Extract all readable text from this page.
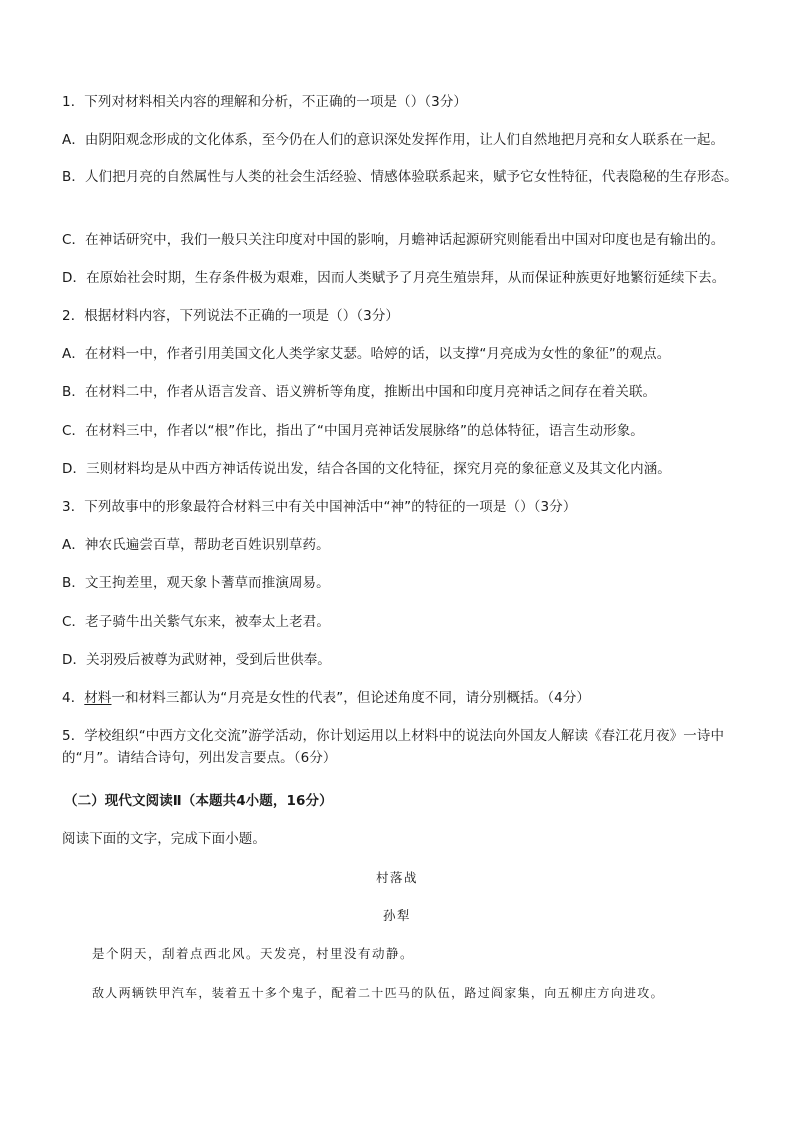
1．下列对材料相关内容的理解和分析，不正确的一项是（）（3分）
A．由阴阳观念形成的文化体系，至今仍在人们的意识深处发挥作用，让人们自然地把月亮和女人联系在一起。
B．人们把月亮的自然属性与人类的社会生活经验、情感体验联系起来，赋予它女性特征，代表隐秘的生存形态。
C．在神话研究中，我们一般只关注印度对中国的影响，月蟾神话起源研究则能看出中国对印度也是有输出的。
D．在原始社会时期，生存条件极为艰难，因而人类赋予了月亮生殖崇拜，从而保证种族更好地繁衍延续下去。
2．根据材料内容，下列说法不正确的一项是（）（3分）
A．在材料一中，作者引用美国文化人类学家艾瑟。哈婷的话，以支撑“月亮成为女性的象征”的观点。
B．在材料二中，作者从语言发音、语义辨析等角度，推断出中国和印度月亮神话之间存在着关联。
C．在材料三中，作者以“根”作比，指出了“中国月亮神话发展脉络”的总体特征，语言生动形象。
D．三则材料均是从中西方神话传说出发，结合各国的文化特征，探究月亮的象征意义及其文化内涵。
3．下列故事中的形象最符合材料三中有关中国神活中“神”的特征的一项是（）（3分）
A．神农氏遍尝百草，帮助老百姓识别草药。
B．文王拘差里，观天象卜蓍草而推演周易。
C．老子骑牛出关紫气东来，被奉太上老君。
D．关羽殁后被尊为武财神，受到后世供奉。
4．材料一和材料三都认为“月亮是女性的代表”，但论述角度不同，请分别概括。（4分）
5．学校组织“中西方文化交流”游学活动，你计划运用以上材料中的说法向外国友人解读《春江花月夜》一诗中的“月”。请结合诗句，列出发言要点。（6分）
（二）现代文阅读Ⅱ（本题共4小题，16分）
阅读下面的文字，完成下面小题。
村落战
孙犁
是个阴天，刮着点西北风。天发亮，村里没有动静。
敌人两辆铁甲汽车，装着五十多个鬼子，配着二十匹马的队伍，路过阎家集，向五柳庄方向进攻。
